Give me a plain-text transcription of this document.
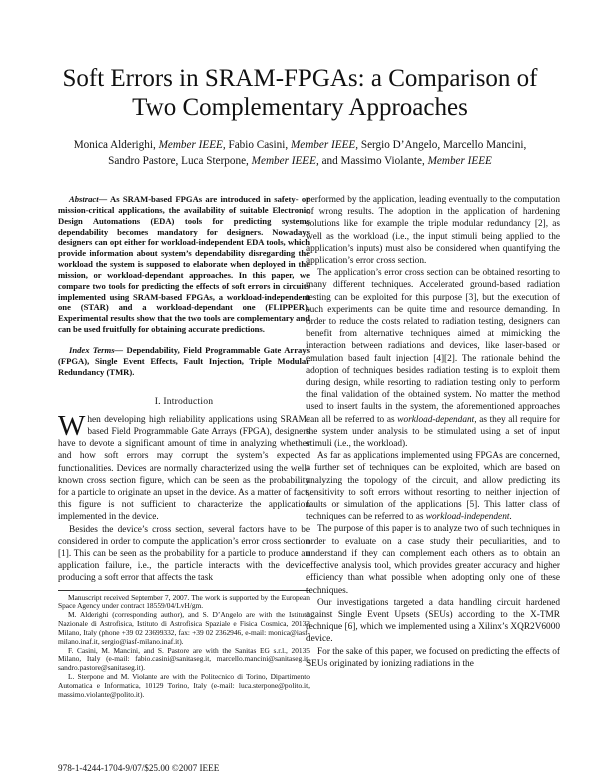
Soft Errors in SRAM-FPGAs: a Comparison of
Two Complementary Approaches
Monica Alderighi, Member IEEE, Fabio Casini, Member IEEE, Sergio D’Angelo, Marcello Mancini,
Sandro Pastore, Luca Sterpone, Member IEEE, and Massimo Violante, Member IEEE

Abstract— As SRAM-based FPGAs are introduced in safety- or mission-critical applications, the availability of suitable Electronic Design Automations (EDA) tools for predicting systems dependability becomes mandatory for designers. Nowadays designers can opt either for workload-independent EDA tools, which provide information about system’s dependability disregarding the workload the system is supposed to elaborate when deployed in the mission, or workload-dependant approaches. In this paper, we compare two tools for predicting the effects of soft errors in circuits implemented using SRAM-based FPGAs, a workload-independent one (STAR) and a workload-dependant one (FLIPPER). Experimental results show that the two tools are complementary and can be used fruitfully for obtaining accurate predictions.

Index Terms— Dependability, Field Programmable Gate Arrays (FPGA), Single Event Effects, Fault Injection, Triple Modular Redundancy (TMR).

I. Introduction

When developing high reliability applications using SRAM-based Field Programmable Gate Arrays (FPGA), designers have to devote a significant amount of time in analyzing whether and how soft errors may corrupt the system’s expected functionalities. Devices are normally characterized using the well-known cross section figure, which can be seen as the probability for a particle to originate an upset in the device. As a matter of fact, this figure is not sufficient to characterize the application implemented in the device.

Besides the device’s cross section, several factors have to be considered in order to compute the application’s error cross section [1]. This can be seen as the probability for a particle to produce an application failure, i.e., the particle interacts with the device producing a soft error that affects the task

Manuscript received September 7, 2007. The work is supported by the European Space Agency under contract 18559/04/LvH/gm.
M. Alderighi (corresponding author), and S. D’Angelo are with the Istituto Nazionale di Astrofisica, Istituto di Astrofisica Spaziale e Fisica Cosmica, 20133 Milano, Italy (phone +39 02 23699332, fax: +39 02 2362946, e-mail: monica@iasf-milano.inaf.it, sergio@iasf-milano.inaf.it).
F. Casini, M. Mancini, and S. Pastore are with the Sanitas EG s.r.l., 20135 Milano, Italy (e-mail: fabio.casini@sanitaseg.it, marcello.mancini@sanitaseg.it, sandro.pastore@sanitaseg.it).
L. Sterpone and M. Violante are with the Politecnico di Torino, Dipartimento Automatica e Informatica, 10129 Torino, Italy (e-mail: luca.sterpone@polito.it, massimo.violante@polito.it).

performed by the application, leading eventually to the computation of wrong results. The adoption in the application of hardening solutions like for example the triple modular redundancy [2], as well as the workload (i.e., the input stimuli being applied to the application’s inputs) must also be considered when quantifying the application’s error cross section.

The application’s error cross section can be obtained resorting to many different techniques. Accelerated ground-based radiation testing can be exploited for this purpose [3], but the execution of such experiments can be quite time and resource demanding. In order to reduce the costs related to radiation testing, designers can benefit from alternative techniques aimed at mimicking the interaction between radiations and devices, like laser-based or emulation based fault injection [4][2]. The rationale behind the adoption of techniques besides radiation testing is to exploit them during design, while resorting to radiation testing only to perform the final validation of the obtained system. No matter the method used to insert faults in the system, the aforementioned approaches can all be referred to as workload-dependant, as they all require for the system under analysis to be stimulated using a set of input stimuli (i.e., the workload).

As far as applications implemented using FPGAs are concerned, a further set of techniques can be exploited, which are based on analyzing the topology of the circuit, and allow predicting its sensitivity to soft errors without resorting to neither injection of faults or simulation of the applications [5]. This latter class of techniques can be referred to as workload-independent.

The purpose of this paper is to analyze two of such techniques in order to evaluate on a case study their peculiarities, and to understand if they can complement each others as to obtain an effective analysis tool, which provides greater accuracy and higher efficiency than what possible when adopting only one of these techniques.

Our investigations targeted a data handling circuit hardened against Single Event Upsets (SEUs) according to the X-TMR technique [6], which we implemented using a Xilinx’s XQR2V6000 device.

For the sake of this paper, we focused on predicting the effects of SEUs originated by ionizing radiations in the

978-1-4244-1704-9/07/$25.00 ©2007 IEEE
